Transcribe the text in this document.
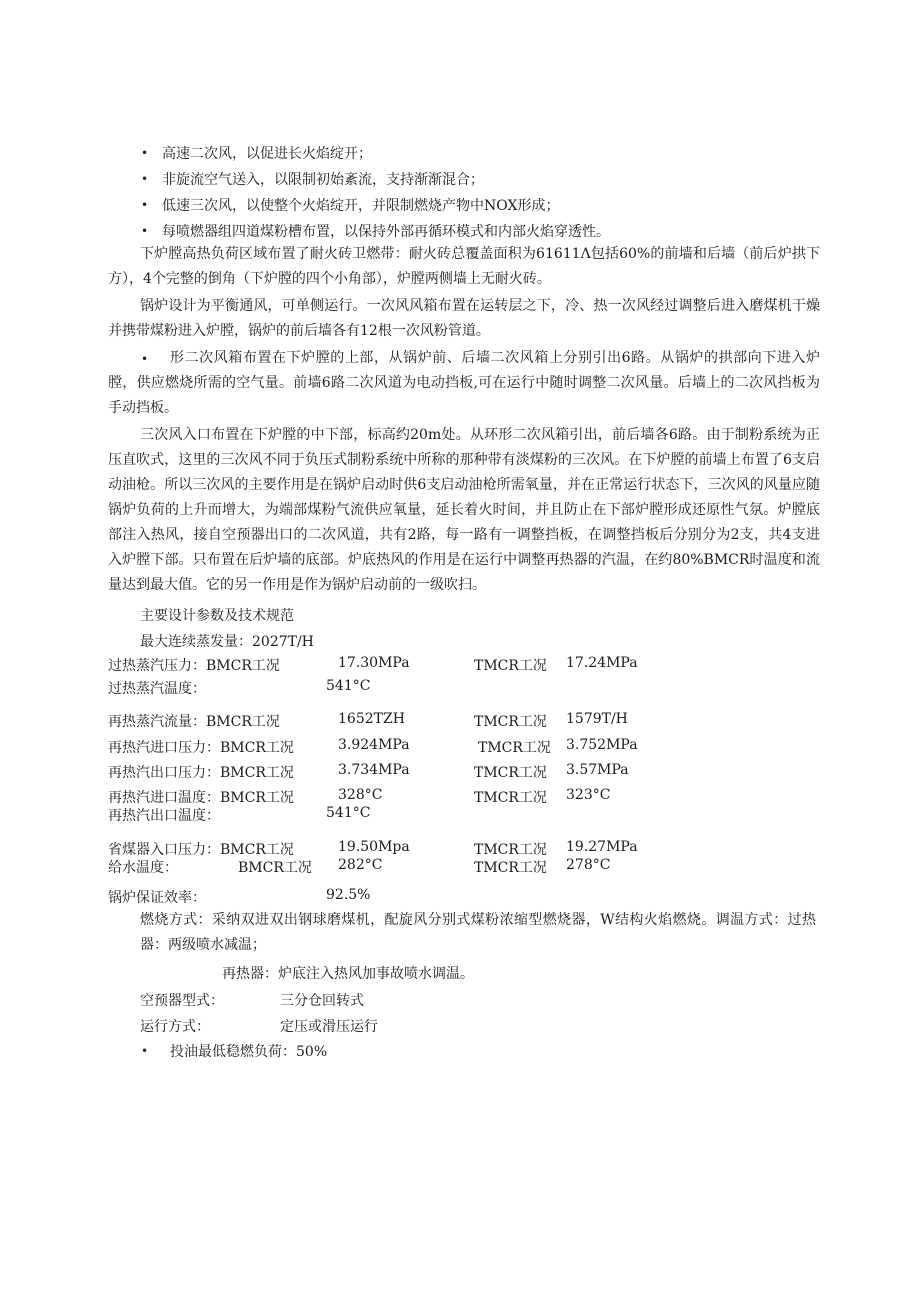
• 高速二次风，以促进长火焰绽开；
• 非旋流空气送入，以限制初始紊流，支持渐渐混合；
• 低速三次风，以使整个火焰绽开，并限制燃烧产物中NOX形成；
• 每喷燃器组四道煤粉槽布置，以保持外部再循环模式和内部火焰穿透性。
下炉膛高热负荷区域布置了耐火砖卫燃带：耐火砖总覆盖面积为61611Λ包括60%的前墙和后墙（前后炉拱下方），4个完整的倒角（下炉膛的四个小角部），炉膛两侧墙上无耐火砖。
锅炉设计为平衡通风，可单侧运行。一次风风箱布置在运转层之下，冷、热一次风经过调整后进入磨煤机干燥并携带煤粉进入炉膛，锅炉的前后墙各有12根一次风粉管道。
•	形二次风箱布置在下炉膛的上部，从锅炉前、后墙二次风箱上分别引出6路。从锅炉的拱部向下进入炉膛，供应燃烧所需的空气量。前墙6路二次风道为电动挡板,可在运行中随时调整二次风量。后墙上的二次风挡板为手动挡板。
三次风入口布置在下炉膛的中下部，标高约20m处。从环形二次风箱引出，前后墙各6路。由于制粉系统为正压直吹式，这里的三次风不同于负压式制粉系统中所称的那种带有淡煤粉的三次风。在下炉膛的前墙上布置了6支启动油枪。所以三次风的主要作用是在锅炉启动时供6支启动油枪所需氧量，并在正常运行状态下，三次风的风量应随锅炉负荷的上升而增大，为端部煤粉气流供应氧量，延长着火时间，并且防止在下部炉膛形成还原性气氛。炉膛底部注入热风，接自空预器出口的二次风道，共有2路，每一路有一调整挡板，在调整挡板后分别分为2支，共4支进入炉膛下部。只布置在后炉墙的底部。炉底热风的作用是在运行中调整再热器的汽温，在约80%BMCR时温度和流量达到最大值。它的另一作用是作为锅炉启动前的一级吹扫。
主要设计参数及技术规范
最大连续蒸发量：2027T/H
过热蒸汽压力：BMCR工况	17.30MPa	TMCR工况 17.24MPa
过热蒸汽温度：	541°C
再热蒸汽流量：BMCR工况	1652TZH	TMCR工况 1579T/H
再热汽进口压力：BMCR工况	3.924MPa	TMCR工况 3.752MPa
再热汽出口压力：BMCR工况	3.734MPa	TMCR工况 3.57MPa
再热汽进口温度：BMCR工况	328°C	TMCR工况 323°C
再热汽出口温度：	541°C
省煤器入口压力：BMCR工况	19.50Mpa	TMCR工况 19.27MPa
给水温度：	BMCR工况 282°C	TMCR工况 278°C
锅炉保证效率：	92.5%
燃烧方式：采纳双进双出钢球磨煤机，配旋风分别式煤粉浓缩型燃烧器，W结构火焰燃烧。调温方式：过热器：两级喷水减温；
再热器：炉底注入热风加事故喷水调温。
空预器型式：	三分仓回转式
运行方式：	定压或滑压运行
• 投油最低稳燃负荷：50%
